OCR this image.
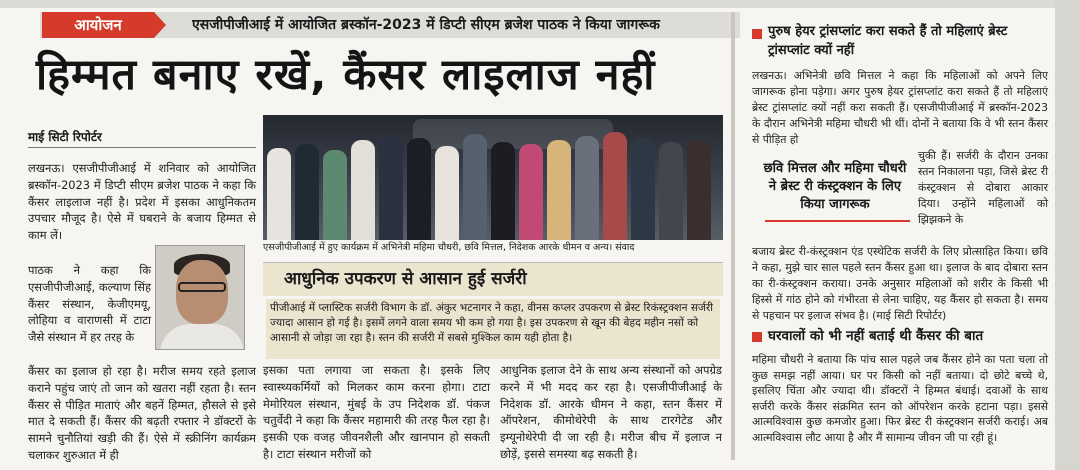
आयोजन	एसजीपीजीआई में आयोजित ब्रस्कॉन-2023 में डिप्टी सीएम ब्रजेश पाठक ने किया जागरूक
हिम्मत बनाए रखें, कैंसर लाइलाज नहीं
माई सिटी रिपोर्टर
लखनऊ। एसजीपीजीआई में शनिवार को आयोजित ब्रस्कॉन-2023 में डिप्टी सीएम ब्रजेश पाठक ने कहा कि कैंसर लाइलाज नहीं है। प्रदेश में इसका आधुनिकतम उपचार मौजूद है। ऐसे में घबराने के बजाय हिम्मत से काम लें।
पाठक ने कहा कि एसजीपीजीआई, कल्याण सिंह कैंसर संस्थान, केजीएमयू, लोहिया व वाराणसी में टाटा जैसे संस्थान में हर तरह के
कैंसर का इलाज हो रहा है। मरीज समय रहते इलाज कराने पहुंच जाएं तो जान को खतरा नहीं रहता है। स्तन कैंसर से पीड़ित माताएं और बहनें हिम्मत, हौसले से इसे मात दे सकती हैं। कैंसर की बढ़ती रफ्तार ने डॉक्टरों के सामने चुनौतियां खड़ी की हैं। ऐसे में स्क्रीनिंग कार्यक्रम चलाकर शुरुआत में ही
एसजीपीजीआई में हुए कार्यक्रम में अभिनेत्री महिमा चौधरी, छवि मित्तल, निदेशक आरके धीमन व अन्य। संवाद
आधुनिक उपकरण से आसान हुई सर्जरी
पीजीआई में प्लास्टिक सर्जरी विभाग के डॉ. अंकुर भटनागर ने कहा, वीनस कप्लर उपकरण से ब्रेस्ट रिकंस्ट्रक्शन सर्जरी ज्यादा आसान हो गई है। इसमें लगने वाला समय भी कम हो गया है। इस उपकरण से खून की बेहद महीन नसों को आसानी से जोड़ा जा रहा है। स्तन की सर्जरी में सबसे मुश्किल काम यही होता है।
इसका पता लगाया जा सकता है। इसके लिए स्वास्थ्यकर्मियों को मिलकर काम करना होगा। टाटा मेमोरियल संस्थान, मुंबई के उप निदेशक डॉ. पंकज चतुर्वेदी ने कहा कि कैंसर महामारी की तरह फैल रहा है। इसकी एक वजह जीवनशैली और खानपान हो सकती है। टाटा संस्थान मरीजों को
आधुनिक इलाज देने के साथ अन्य संस्थानों को अपग्रेड करने में भी मदद कर रहा है। एसजीपीजीआई के निदेशक डॉ. आरके धीमन ने कहा, स्तन कैंसर में ऑपरेशन, कीमोथेरेपी के साथ टारगेटेड और इम्यूनोथेरेपी दी जा रही है। मरीज बीच में इलाज न छोड़ें, इससे समस्या बढ़ सकती है।
पुरुष हेयर ट्रांसप्लांट करा सकते हैं तो महिलाएं ब्रेस्ट ट्रांसप्लांट क्यों नहीं
लखनऊ। अभिनेत्री छवि मित्तल ने कहा कि महिलाओं को अपने लिए जागरूक होना पड़ेगा। अगर पुरुष हेयर ट्रांसप्लांट करा सकते हैं तो महिलाएं ब्रेस्ट ट्रांसप्लांट क्यों नहीं करा सकती हैं। एसजीपीजीआई में ब्रस्कॉन-2023 के दौरान अभिनेत्री महिमा चौधरी भी थीं। दोनों ने बताया कि वे भी स्तन कैंसर से पीड़ित हो
छवि मित्तल और महिमा चौधरी ने ब्रेस्ट री कंस्ट्रक्शन के लिए किया जागरूक
चुकी हैं। सर्जरी के दौरान उनका स्तन निकालना पड़ा, जिसे ब्रेस्ट री कंस्ट्रक्शन से दोबारा आकार दिया। उन्होंने महिलाओं को झिझकने के
बजाय ब्रेस्ट री-कंस्ट्रक्शन एंड एस्थेटिक सर्जरी के लिए प्रोत्साहित किया। छवि ने कहा, मुझे चार साल पहले स्तन कैंसर हुआ था। इलाज के बाद दोबारा स्तन का री-कंस्ट्रक्शन कराया। उनके अनुसार महिलाओं को शरीर के किसी भी हिस्से में गांठ होने को गंभीरता से लेना चाहिए, यह कैंसर हो सकता है। समय से पहचान पर इलाज संभव है। (माई सिटी रिपोर्टर)
घरवालों को भी नहीं बताई थी कैंसर की बात
महिमा चौधरी ने बताया कि पांच साल पहले जब कैंसर होने का पता चला तो कुछ समझ नहीं आया। घर पर किसी को नहीं बताया। दो छोटे बच्चे थे, इसलिए चिंता और ज्यादा थी। डॉक्टरों ने हिम्मत बंधाई। दवाओं के साथ सर्जरी करके कैंसर संक्रमित स्तन को ऑपरेशन करके हटाना पड़ा। इससे आत्मविश्वास कुछ कमजोर हुआ। फिर ब्रेस्ट री कंस्ट्रक्शन सर्जरी कराई। अब आत्मविश्वास लौट आया है और मैं सामान्य जीवन जी पा रही हूं।
